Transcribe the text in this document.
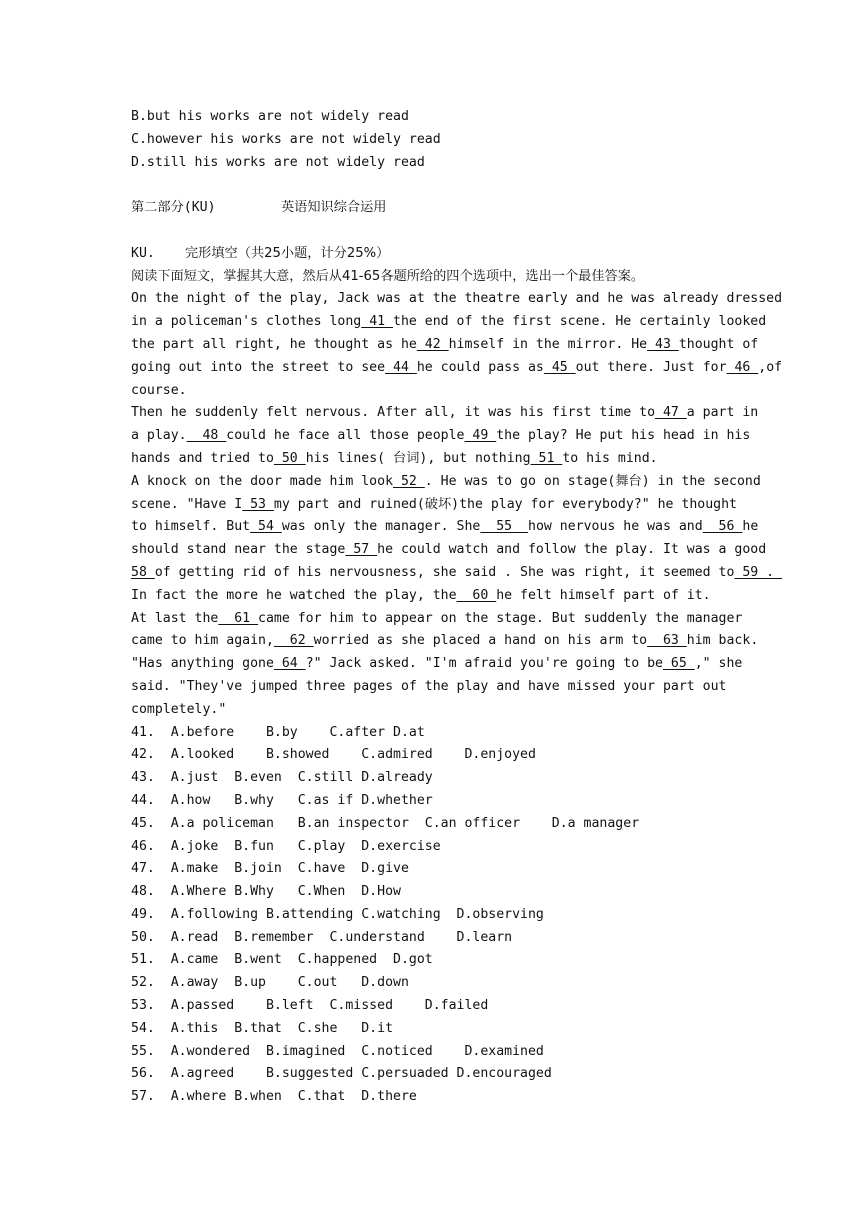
B.but his works are not widely read
C.however his works are not widely read
D.still his works are not widely read
第二部分(KU)	英语知识综合运用
KU. 完形填空（共25小题，计分25%）
阅读下面短文，掌握其大意，然后从41-65各题所给的四个选项中，选出一个最佳答案。
On the night of the play, Jack was at the theatre early and he was already dressed
in a policeman's clothes long 41 the end of the first scene. He certainly looked
the part all right, he thought as he 42 himself in the mirror. He 43 thought of
going out into the street to see 44 he could pass as 45 out there. Just for 46 ,of
course.
Then he suddenly felt nervous. After all, it was his first time to 47 a part in
a play.  48 could he face all those people 49 the play? He put his head in his
hands and tried to 50 his lines( 台词), but nothing 51 to his mind.
A knock on the door made him look 52 . He was to go on stage(舞台) in the second
scene. "Have I 53 my part and ruined(破坏)the play for everybody?" he thought
to himself. But 54 was only the manager. She  55  how nervous he was and  56 he
should stand near the stage 57 he could watch and follow the play. It was a good
58 of getting rid of his nervousness, she said . She was right, it seemed to 59 .
In fact the more he watched the play, the  60 he felt himself part of it.
At last the  61 came for him to appear on the stage. But suddenly the manager
came to him again,  62 worried as she placed a hand on his arm to  63 him back.
"Has anything gone 64 ?" Jack asked. "I'm afraid you're going to be 65 ," she
said. "They've jumped three pages of the play and have missed your part out
completely."
41.  A.before    B.by    C.after D.at
42.  A.looked    B.showed    C.admired    D.enjoyed
43.  A.just  B.even  C.still D.already
44.  A.how   B.why   C.as if D.whether
45.  A.a policeman   B.an inspector  C.an officer    D.a manager
46.  A.joke  B.fun   C.play  D.exercise
47.  A.make  B.join  C.have  D.give
48.  A.Where B.Why   C.When  D.How
49.  A.following B.attending C.watching  D.observing
50.  A.read  B.remember  C.understand    D.learn
51.  A.came  B.went  C.happened  D.got
52.  A.away  B.up    C.out   D.down
53.  A.passed    B.left  C.missed    D.failed
54.  A.this  B.that  C.she   D.it
55.  A.wondered  B.imagined  C.noticed    D.examined
56.  A.agreed    B.suggested C.persuaded D.encouraged
57.  A.where B.when  C.that  D.there
